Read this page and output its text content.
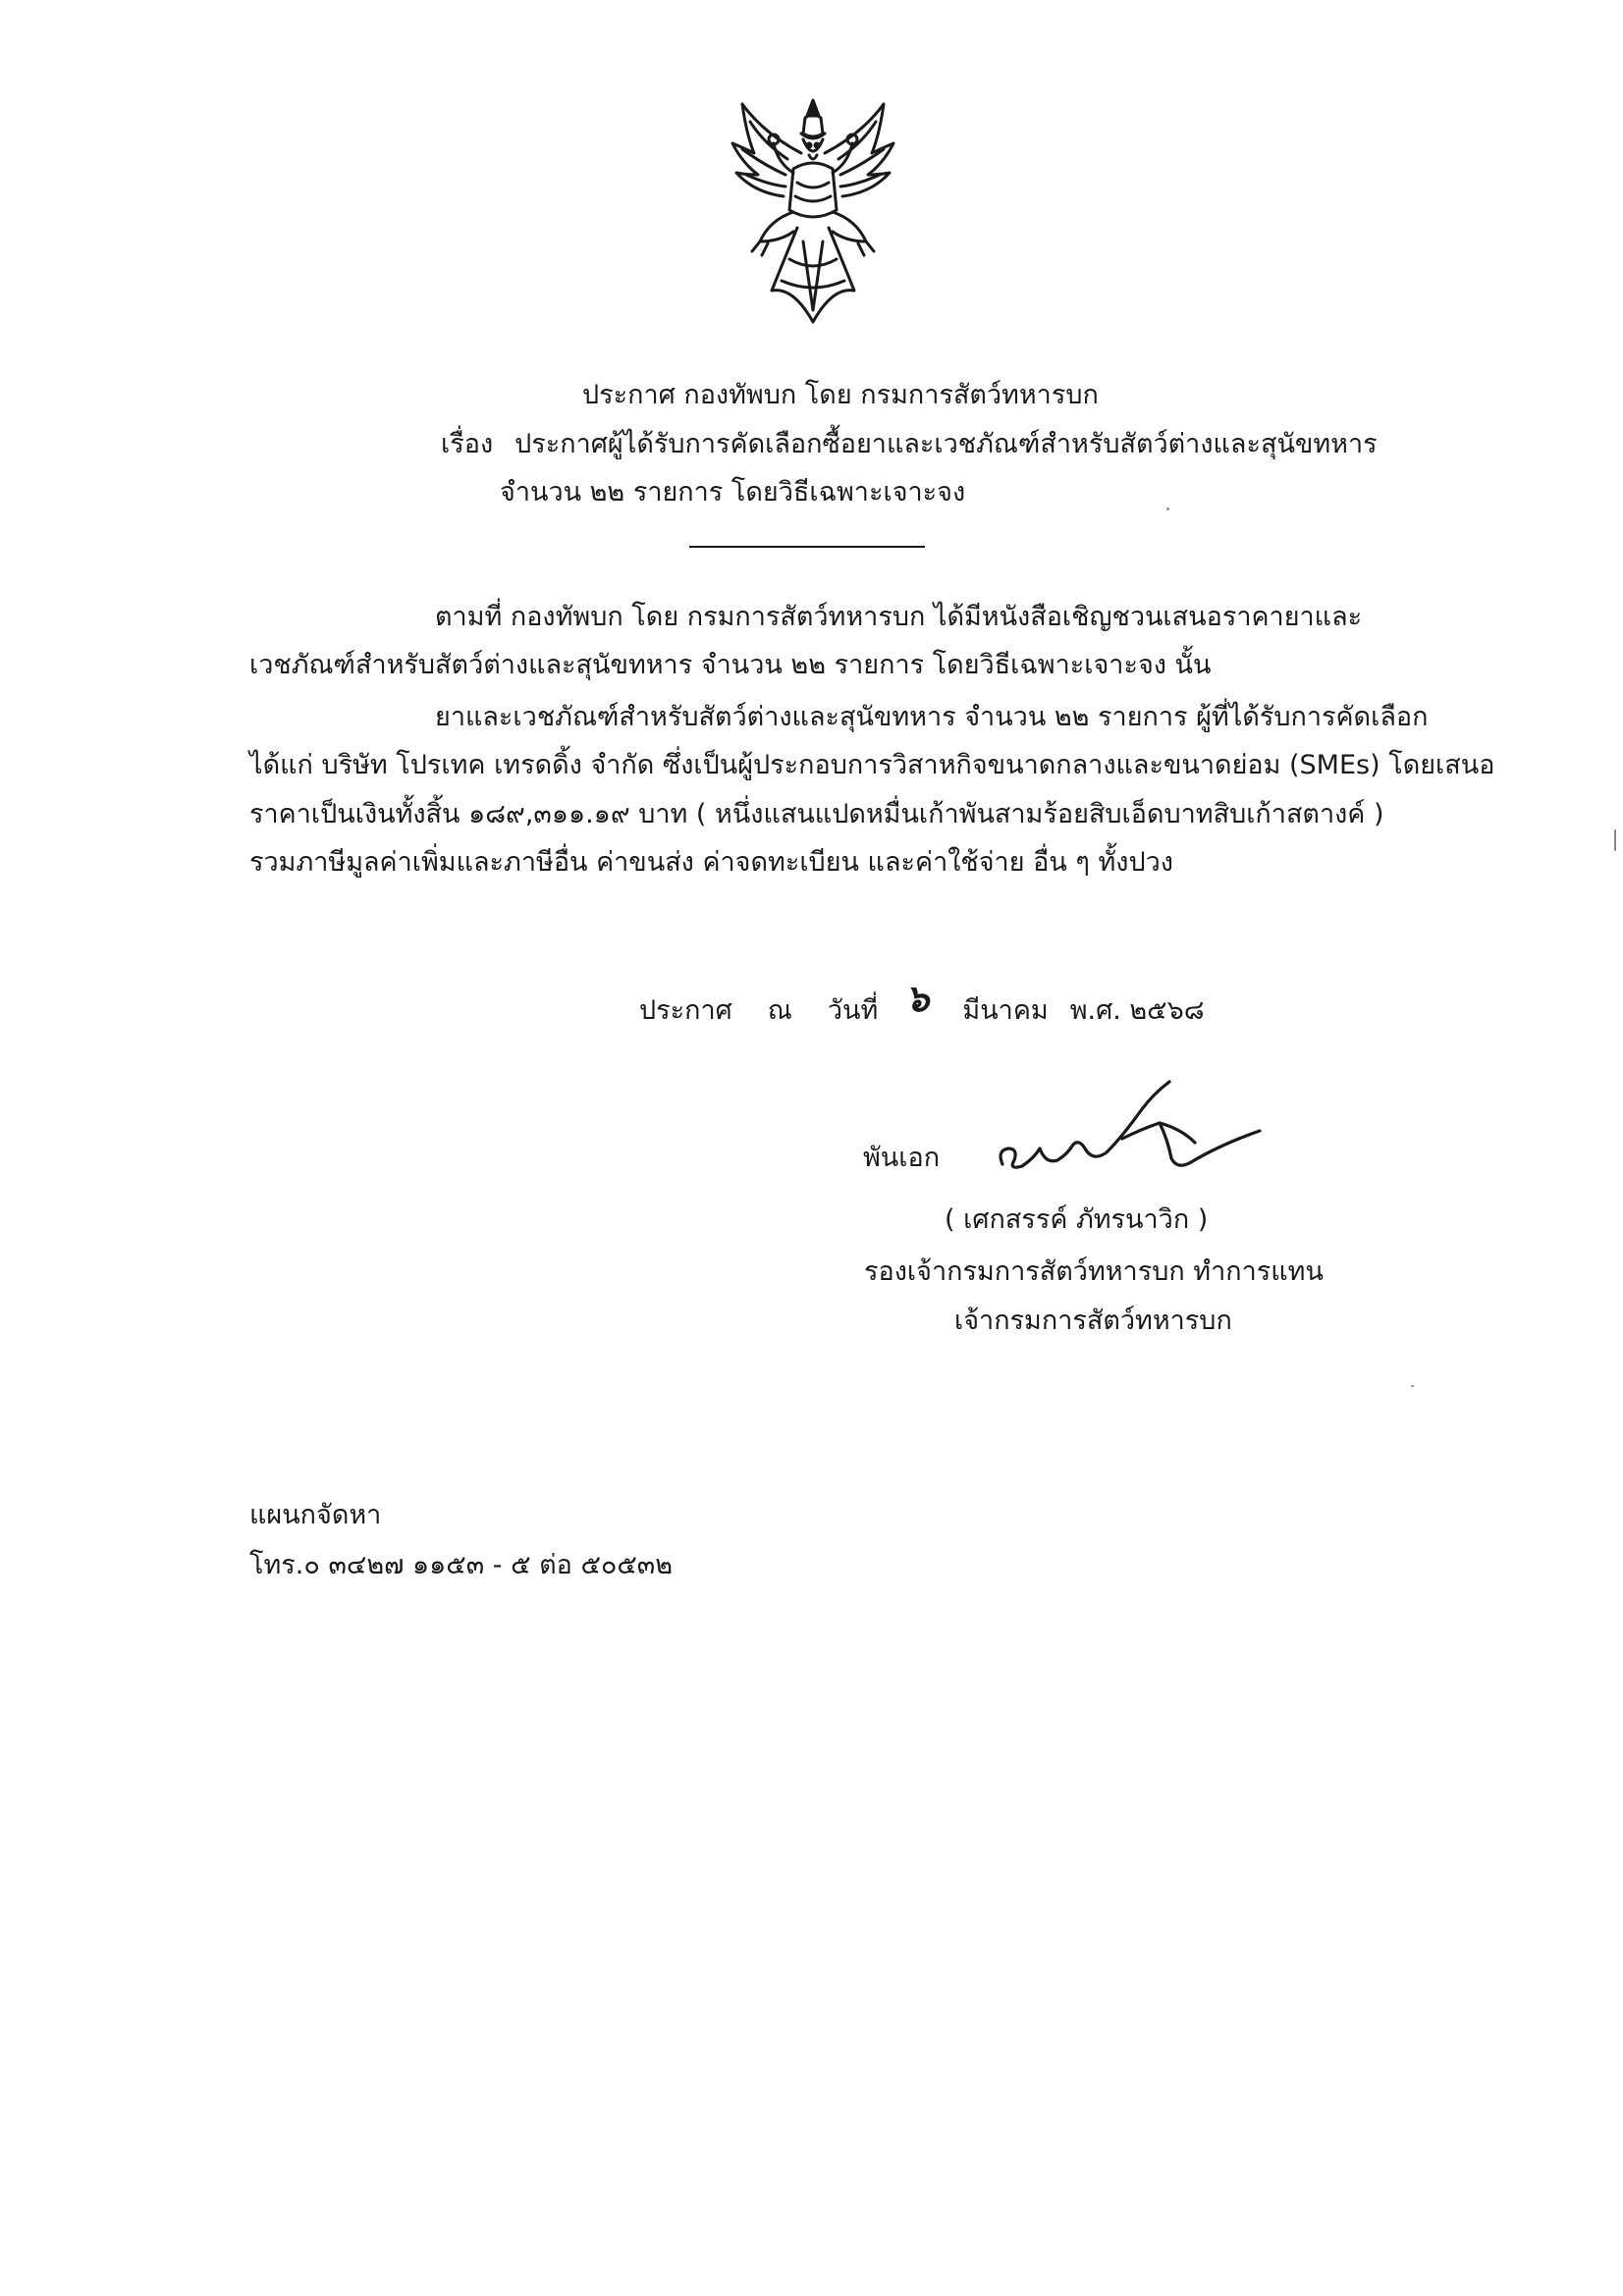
ประกาศ กองทัพบก โดย กรมการสัตว์ทหารบก
เรื่อง ประกาศผู้ได้รับการคัดเลือกซื้อยาและเวชภัณฑ์สำหรับสัตว์ต่างและสุนัขทหาร
จำนวน ๒๒ รายการ โดยวิธีเฉพาะเจาะจง
ตามที่ กองทัพบก โดย กรมการสัตว์ทหารบก ได้มีหนังสือเชิญชวนเสนอราคายาและ
เวชภัณฑ์สำหรับสัตว์ต่างและสุนัขทหาร จำนวน ๒๒ รายการ โดยวิธีเฉพาะเจาะจง นั้น
ยาและเวชภัณฑ์สำหรับสัตว์ต่างและสุนัขทหาร จำนวน ๒๒ รายการ ผู้ที่ได้รับการคัดเลือก
ได้แก่ บริษัท โปรเทค เทรดดิ้ง จำกัด ซึ่งเป็นผู้ประกอบการวิสาหกิจขนาดกลางและขนาดย่อม (SMEs) โดยเสนอ
ราคาเป็นเงินทั้งสิ้น ๑๘๙,๓๑๑.๑๙ บาท ( หนึ่งแสนแปดหมื่นเก้าพันสามร้อยสิบเอ็ดบาทสิบเก้าสตางค์ )
รวมภาษีมูลค่าเพิ่มและภาษีอื่น ค่าขนส่ง ค่าจดทะเบียน และค่าใช้จ่าย อื่น ๆ ทั้งปวง
ประกาศ ณ วันที่ ๖ มีนาคม พ.ศ. ๒๕๖๘
พันเอก
( เศกสรรค์ ภัทรนาวิก )
รองเจ้ากรมการสัตว์ทหารบก ทำการแทน
เจ้ากรมการสัตว์ทหารบก
แผนกจัดหา
โทร.๐ ๓๔๒๗ ๑๑๕๓ - ๕ ต่อ ๕๐๕๓๒
